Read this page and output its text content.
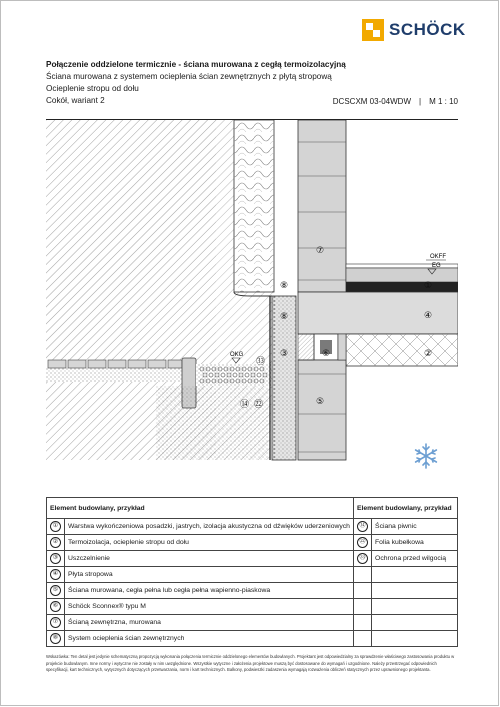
SCHÖCK
Połączenie oddzielone termicznie - ściana murowana z cegłą termoizolacyjną
Ściana murowana z systemem ocieplenia ścian zewnętrznych z płytą stropową
Ocieplenie stropu od dołu
Cokół, wariant 2	DCSCXM 03-04WDW | M 1 : 10
OKFF
EG
OKG
⑦
①
⑧
④
⑧
③	⑥	②
㉝
⑭ ㉒	⑤
Element budowlany, przykład		Element budowlany, przykład	
①	Warstwa wykończeniowa posadzki, jastrych, izolacja akustyczna od dźwięków uderzeniowych	⑭	Ściana piwnic
②	Termoizolacja, ocieplenie stropu od dołu	㉒	Folia kubełkowa
③	Uszczelnienie	㉝	Ochrona przed wilgocią
④	Płyta stropowa		
⑤	Ściana murowana, cegła pełna lub cegła pełna wapienno-piaskowa		
⑥	Schöck Sconnex® typu M		
⑦	Ścianą zewnętrzna, murowana		
⑧	System ocieplenia ścian zewnętrznych		
Wskazówka: Ten detal jest jedynie schematyczną propozycją wykonania połączenia termicznie oddzielonego elementów budowlanych. Projektant jest odpowiedzialny za sprawdzenie właściwego zastosowania produktu w projekcie budowlanym. Inne normy i wytyczne nie zostały w nim uwzględnione. Wszystkie wytyczne i założenia projektowe muszą być dostosowane do wymagań i uzgodnione. Należy przestrzegać odpowiednich specyfikacji, kart technicznych, wytycznych dotyczących przetwarzania, norm i kart technicznych. Balkony, podwieszki zadaszenia wymagają rozważenia obliczeń statycznych przez uprawnionego projektanta.
